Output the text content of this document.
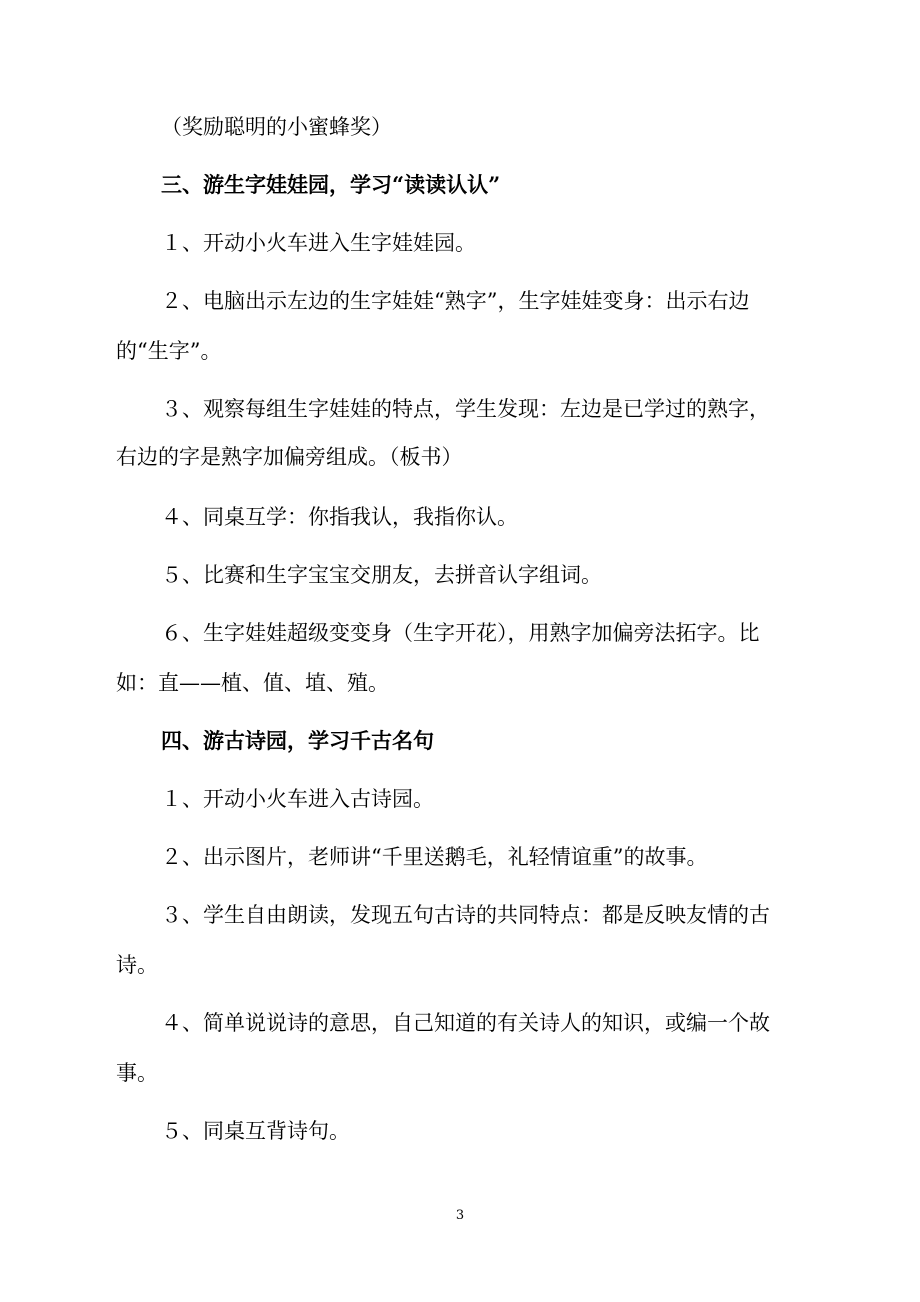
（奖励聪明的小蜜蜂奖）
三、游生字娃娃园，学习“读读认认”
１、开动小火车进入生字娃娃园。
２、电脑出示左边的生字娃娃“熟字”，生字娃娃变身：出示右边
的“生字”。
３、观察每组生字娃娃的特点，学生发现：左边是已学过的熟字，
右边的字是熟字加偏旁组成。（板书）
４、同桌互学：你指我认，我指你认。
５、比赛和生字宝宝交朋友，去拼音认字组词。
６、生字娃娃超级变变身（生字开花），用熟字加偏旁法拓字。比
如：直——植、值、埴、殖。
四、游古诗园，学习千古名句
１、开动小火车进入古诗园。
２、出示图片，老师讲“千里送鹅毛，礼轻情谊重”的故事。
３、学生自由朗读，发现五句古诗的共同特点：都是反映友情的古
诗。
４、简单说说诗的意思，自己知道的有关诗人的知识，或编一个故
事。
５、同桌互背诗句。
3
